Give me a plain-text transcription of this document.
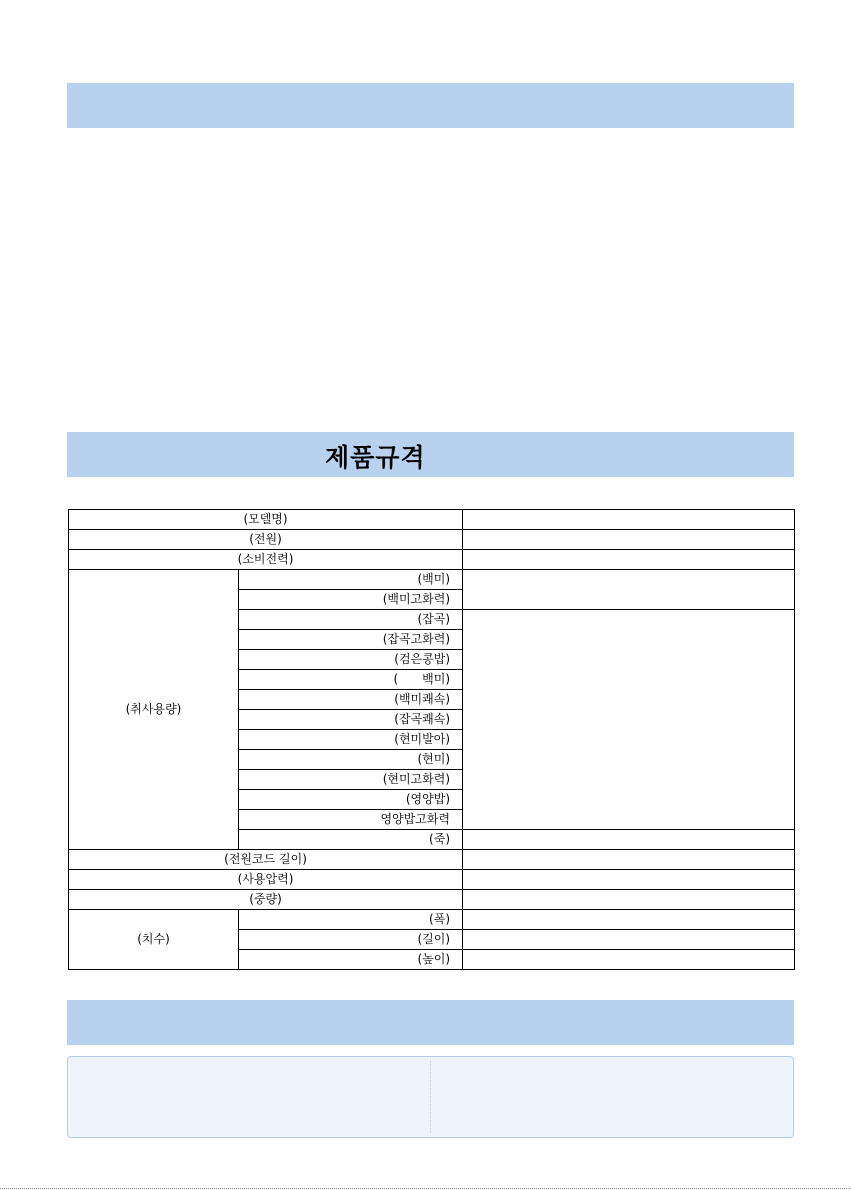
제품규격
(모델명)		
(전원)		
(소비전력)		
(취사용량)	(백미)	
	(백미고화력)	
	(잡곡)	
	(잡곡고화력)	
	(검은콩밥)	
	(　　백미)	
	(백미쾌속)	
	(잡곡쾌속)	
	(현미발아)	
	(현미)	
	(현미고화력)	
	(영양밥)	
	영양밥고화력	
	(죽)	
(전원코드 길이)		
(사용압력)		
(중량)		
(치수)	(폭)	
	(길이)	
	(높이)	
